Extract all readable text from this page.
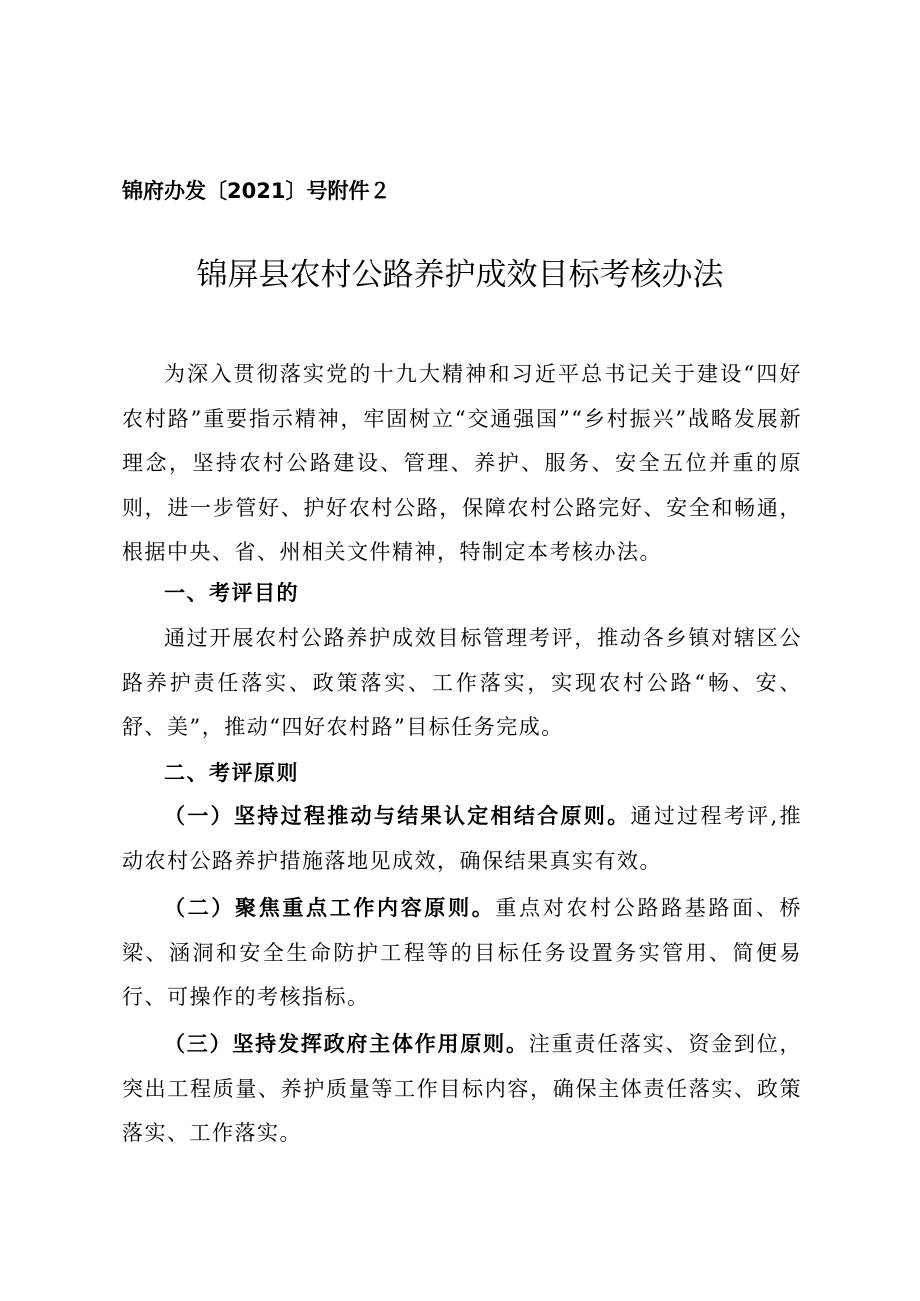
锦府办发〔2021〕号附件２
锦屏县农村公路养护成效目标考核办法

为深入贯彻落实党的十九大精神和习近平总书记关于建设“四好农村路”重要指示精神，牢固树立“交通强国”“乡村振兴”战略发展新理念，坚持农村公路建设、管理、养护、服务、安全五位并重的原则，进一步管好、护好农村公路，保障农村公路完好、安全和畅通，根据中央、省、州相关文件精神，特制定本考核办法。

一、考评目的

通过开展农村公路养护成效目标管理考评，推动各乡镇对辖区公路养护责任落实、政策落实、工作落实，实现农村公路“畅、安、舒、美”，推动“四好农村路”目标任务完成。

二、考评原则

（一）坚持过程推动与结果认定相结合原则。通过过程考评,推动农村公路养护措施落地见成效，确保结果真实有效。

（二）聚焦重点工作内容原则。重点对农村公路路基路面、桥梁、涵洞和安全生命防护工程等的目标任务设置务实管用、简便易行、可操作的考核指标。

（三）坚持发挥政府主体作用原则。注重责任落实、资金到位，突出工程质量、养护质量等工作目标内容，确保主体责任落实、政策落实、工作落实。
